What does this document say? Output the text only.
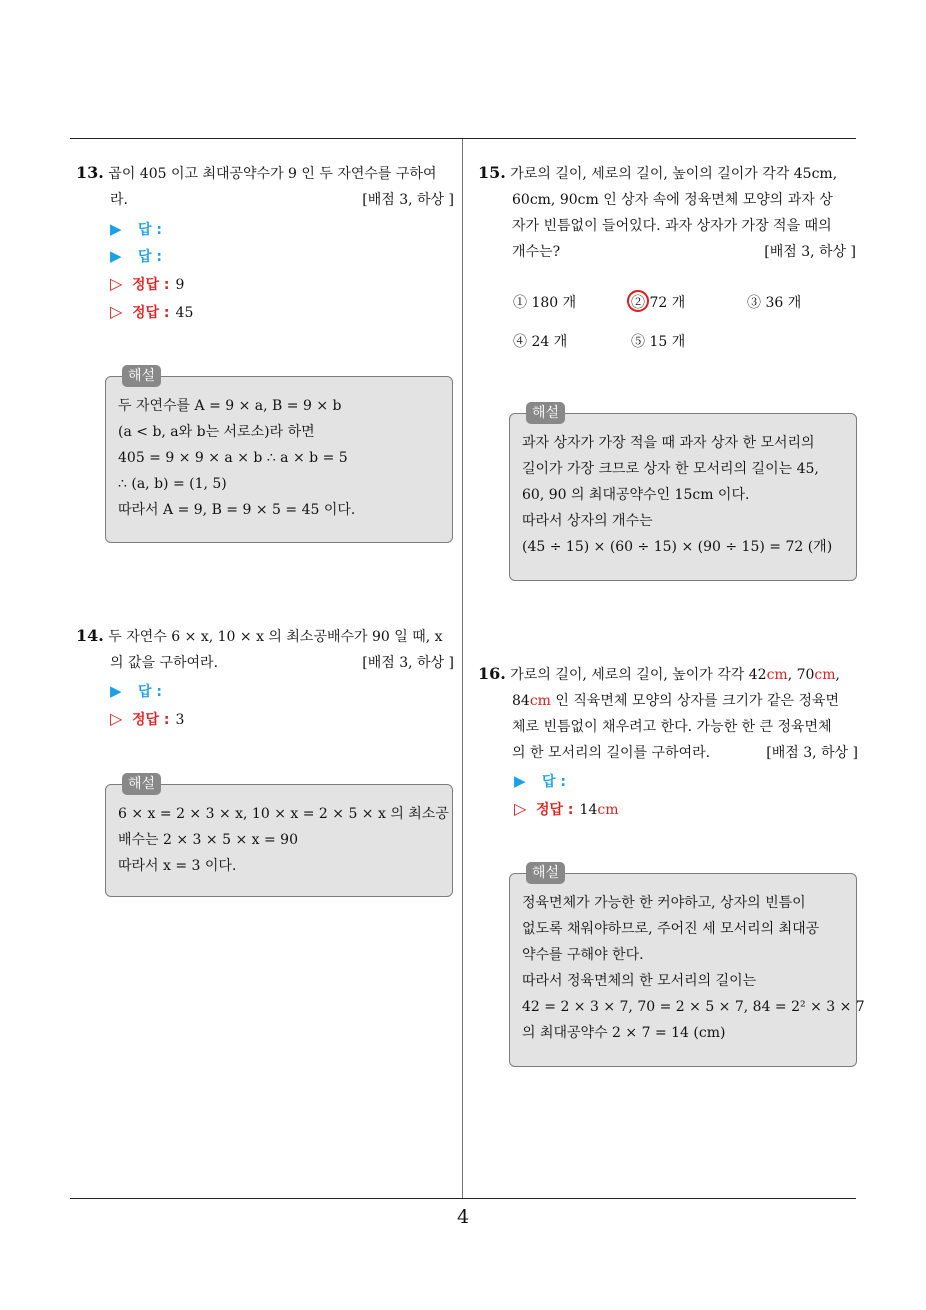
4
13. 곱이 405 이고 최대공약수가 9 인 두 자연수를 구하여
라.	[배점 3, 하상 ]
▶ 답 :
▶ 답 :
▷ 정답 : 9
▷ 정답 : 45
해설
두 자연수를 A = 9 × a, B = 9 × b
(a < b, a와 b는 서로소)라 하면
405 = 9 × 9 × a × b ∴ a × b = 5
∴ (a, b) = (1, 5)
따라서 A = 9, B = 9 × 5 = 45 이다.
14. 두 자연수 6 × x, 10 × x 의 최소공배수가 90 일 때, x
의 값을 구하여라.	[배점 3, 하상 ]
▶ 답 :
▷ 정답 : 3
해설
6 × x = 2 × 3 × x, 10 × x = 2 × 5 × x 의 최소공
배수는 2 × 3 × 5 × x = 90
따라서 x = 3 이다.
15. 가로의 길이, 세로의 길이, 높이의 길이가 각각 45cm,
60cm, 90cm 인 상자 속에 정육면체 모양의 과자 상
자가 빈틈없이 들어있다. 과자 상자가 가장 적을 때의
개수는?	[배점 3, 하상 ]
① 180 개	② 72 개	③ 36 개
④ 24 개	⑤ 15 개
해설
과자 상자가 가장 적을 때 과자 상자 한 모서리의
길이가 가장 크므로 상자 한 모서리의 길이는 45,
60, 90 의 최대공약수인 15cm 이다.
따라서 상자의 개수는
(45 ÷ 15) × (60 ÷ 15) × (90 ÷ 15) = 72 (개)
16. 가로의 길이, 세로의 길이, 높이가 각각 42cm, 70cm,
84cm 인 직육면체 모양의 상자를 크기가 같은 정육면
체로 빈틈없이 채우려고 한다. 가능한 한 큰 정육면체
의 한 모서리의 길이를 구하여라.	[배점 3, 하상 ]
▶ 답 :
▷ 정답 : 14cm
해설
정육면체가 가능한 한 커야하고, 상자의 빈틈이
없도록 채워야하므로, 주어진 세 모서리의 최대공
약수를 구해야 한다.
따라서 정육면체의 한 모서리의 길이는
42 = 2 × 3 × 7, 70 = 2 × 5 × 7, 84 = 2² × 3 × 7
의 최대공약수 2 × 7 = 14 (cm)
